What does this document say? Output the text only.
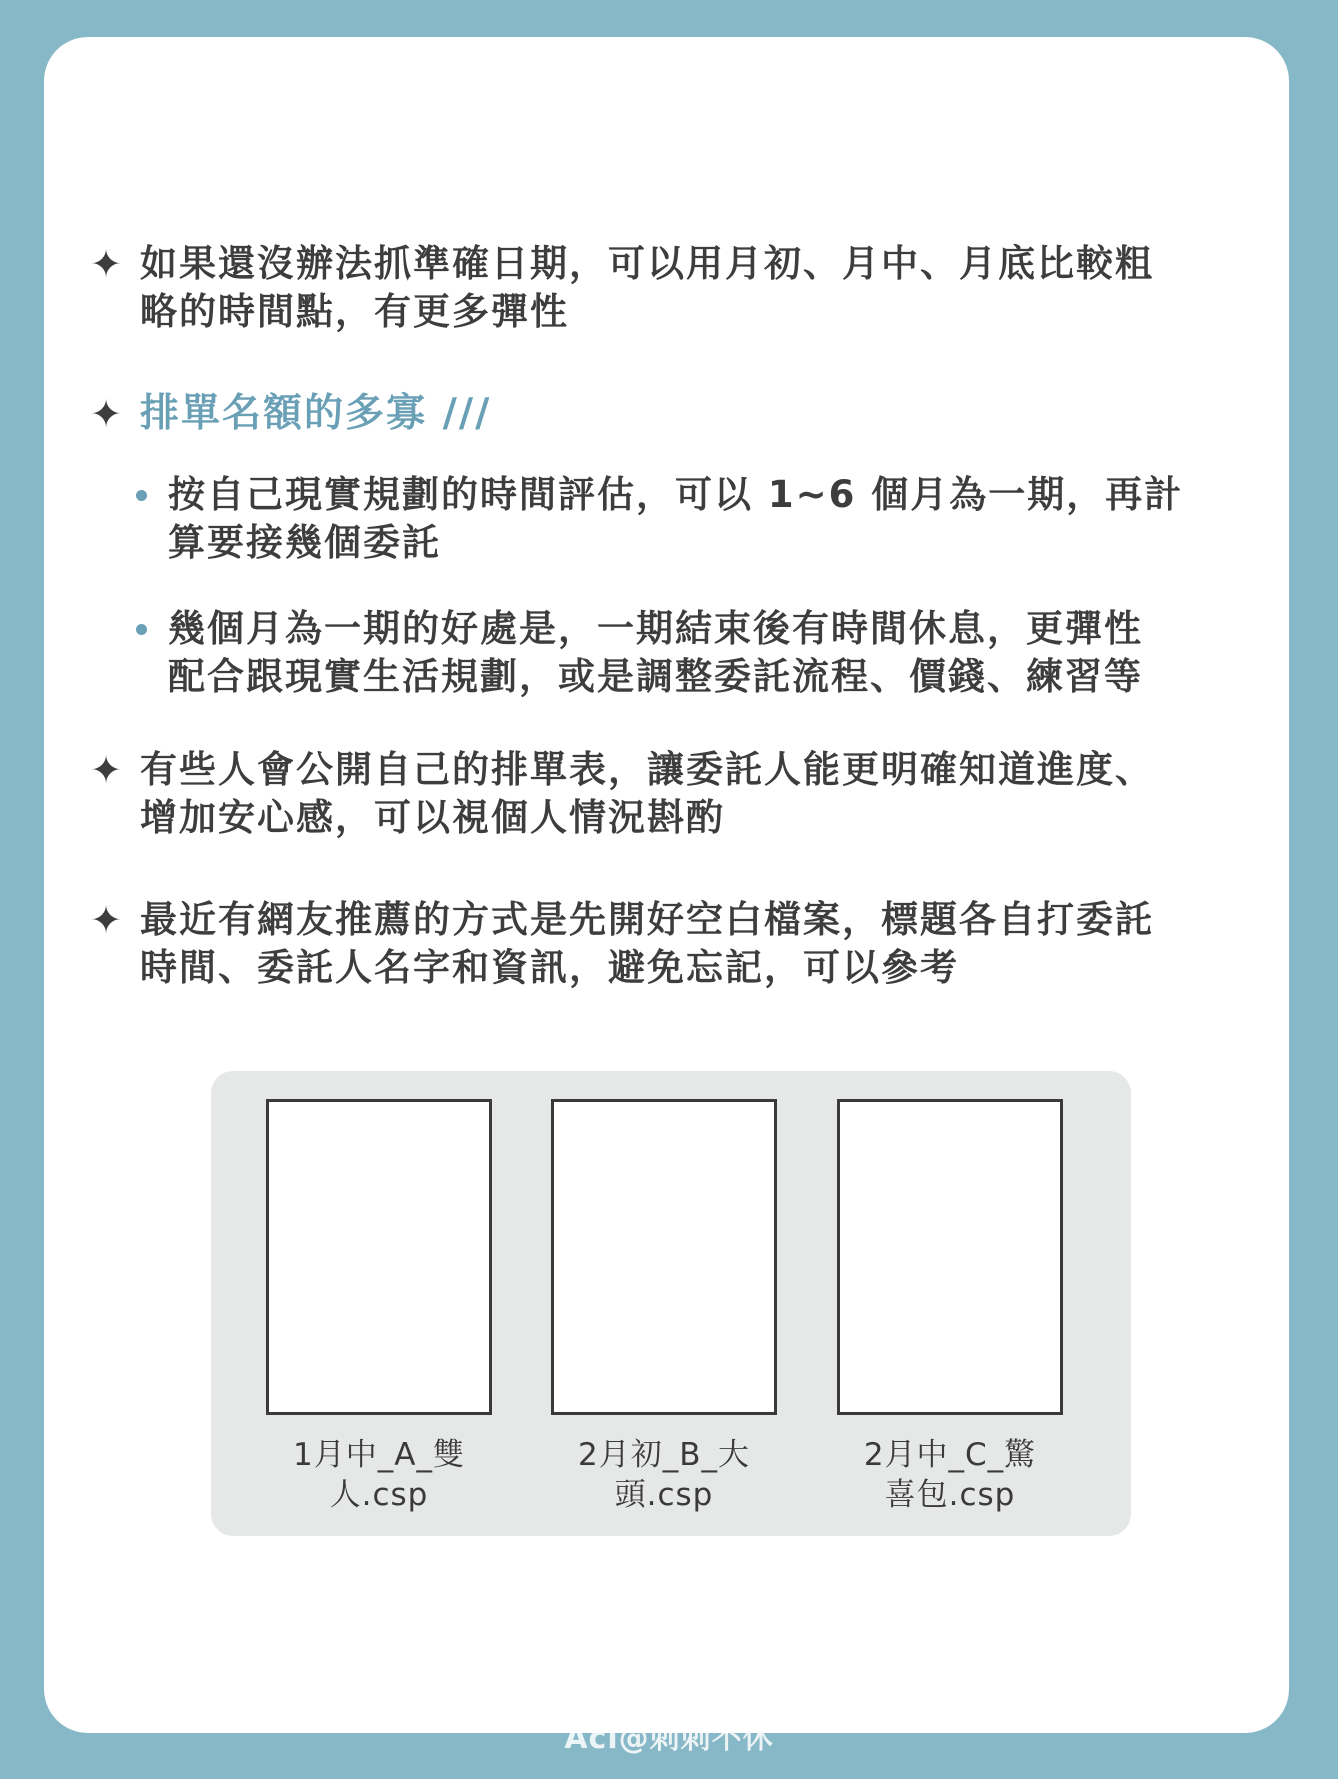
✦ 如果還沒辦法抓準確日期，可以用月初、月中、月底比較粗
略的時間點，有更多彈性
✦ 排單名額的多寡 ///
按自己現實規劃的時間評估，可以 1~6 個月為一期，再計
算要接幾個委託
幾個月為一期的好處是，一期結束後有時間休息，更彈性
配合跟現實生活規劃，或是調整委託流程、價錢、練習等
✦ 有些人會公開自己的排單表，讓委託人能更明確知道進度、
增加安心感，可以視個人情況斟酌
✦ 最近有網友推薦的方式是先開好空白檔案，標題各自打委託
時間、委託人名字和資訊，避免忘記，可以參考
1月中_A_雙
人.csp
2月初_B_大
頭.csp
2月中_C_驚
喜包.csp
Aci@刺刺不休
